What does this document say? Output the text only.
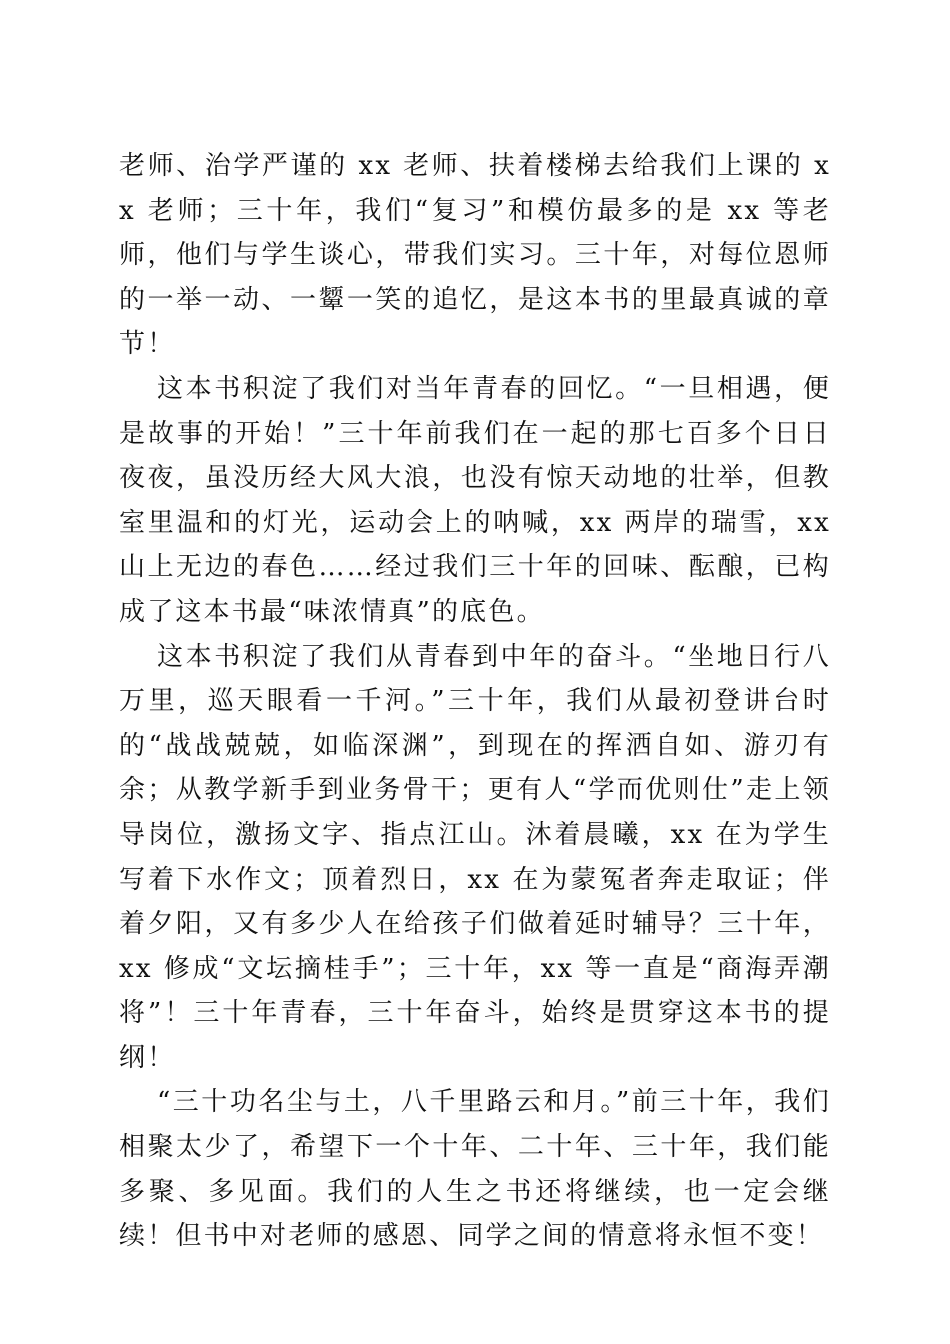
老师、治学严谨的 xx 老师、扶着楼梯去给我们上课的 xx 老师；三十年，我们“复习”和模仿最多的是 xx 等老师，他们与学生谈心，带我们实习。三十年，对每位恩师的一举一动、一颦一笑的追忆，是这本书的里最真诚的章节！

这本书积淀了我们对当年青春的回忆。“一旦相遇，便是故事的开始！”三十年前我们在一起的那七百多个日日夜夜，虽没历经大风大浪，也没有惊天动地的壮举，但教室里温和的灯光，运动会上的呐喊，xx 两岸的瑞雪，xx 山上无边的春色……经过我们三十年的回味、酝酿，已构成了这本书最“味浓情真”的底色。

这本书积淀了我们从青春到中年的奋斗。“坐地日行八万里，巡天眼看一千河。”三十年，我们从最初登讲台时的“战战兢兢，如临深渊”，到现在的挥洒自如、游刃有余；从教学新手到业务骨干；更有人“学而优则仕”走上领导岗位，激扬文字、指点江山。沐着晨曦，xx 在为学生写着下水作文；顶着烈日，xx 在为蒙冤者奔走取证；伴着夕阳，又有多少人在给孩子们做着延时辅导？三十年，xx 修成“文坛摘桂手”；三十年，xx 等一直是“商海弄潮将”！三十年青春，三十年奋斗，始终是贯穿这本书的提纲！

“三十功名尘与土，八千里路云和月。”前三十年，我们相聚太少了，希望下一个十年、二十年、三十年，我们能多聚、多见面。我们的人生之书还将继续，也一定会继续！但书中对老师的感恩、同学之间的情意将永恒不变！
